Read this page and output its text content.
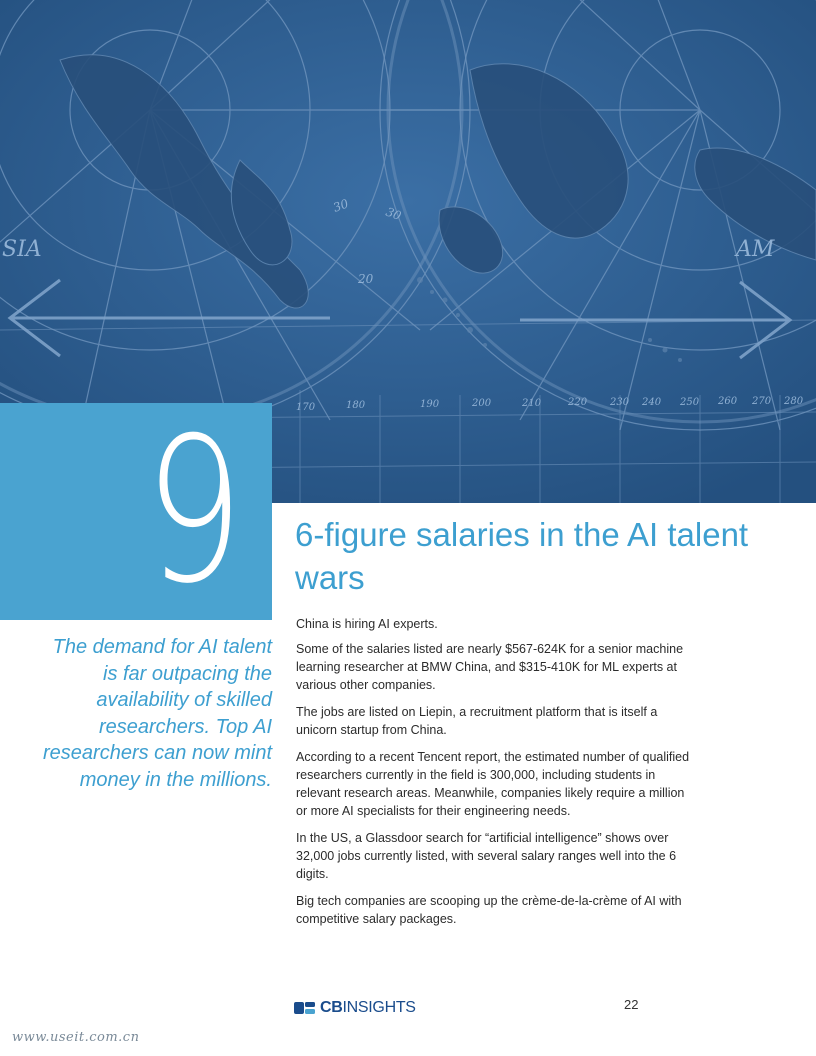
SIA	AM
30	30
20
170	180	190	200	210	220 230 240 250 260 270 280
9 6-figure salaries in the AI talent wars
The demand for AI talent is far outpacing the availability of skilled researchers. Top AI researchers can now mint money in the millions.

China is hiring AI experts.

Some of the salaries listed are nearly $567-624K for a senior machine learning researcher at BMW China, and $315-410K for ML experts at various other companies.

The jobs are listed on Liepin, a recruitment platform that is itself a unicorn startup from China.

According to a recent Tencent report, the estimated number of qualified researchers currently in the field is 300,000, including students in relevant research areas. Meanwhile, companies likely require a million or more AI specialists for their engineering needs.

In the US, a Glassdoor search for “artificial intelligence” shows over 32,000 jobs currently listed, with several salary ranges well into the 6 digits.

Big tech companies are scooping up the crème-de-la-crème of AI with competitive salary packages.

CBINSIGHTS	22
www.useit.com.cn
